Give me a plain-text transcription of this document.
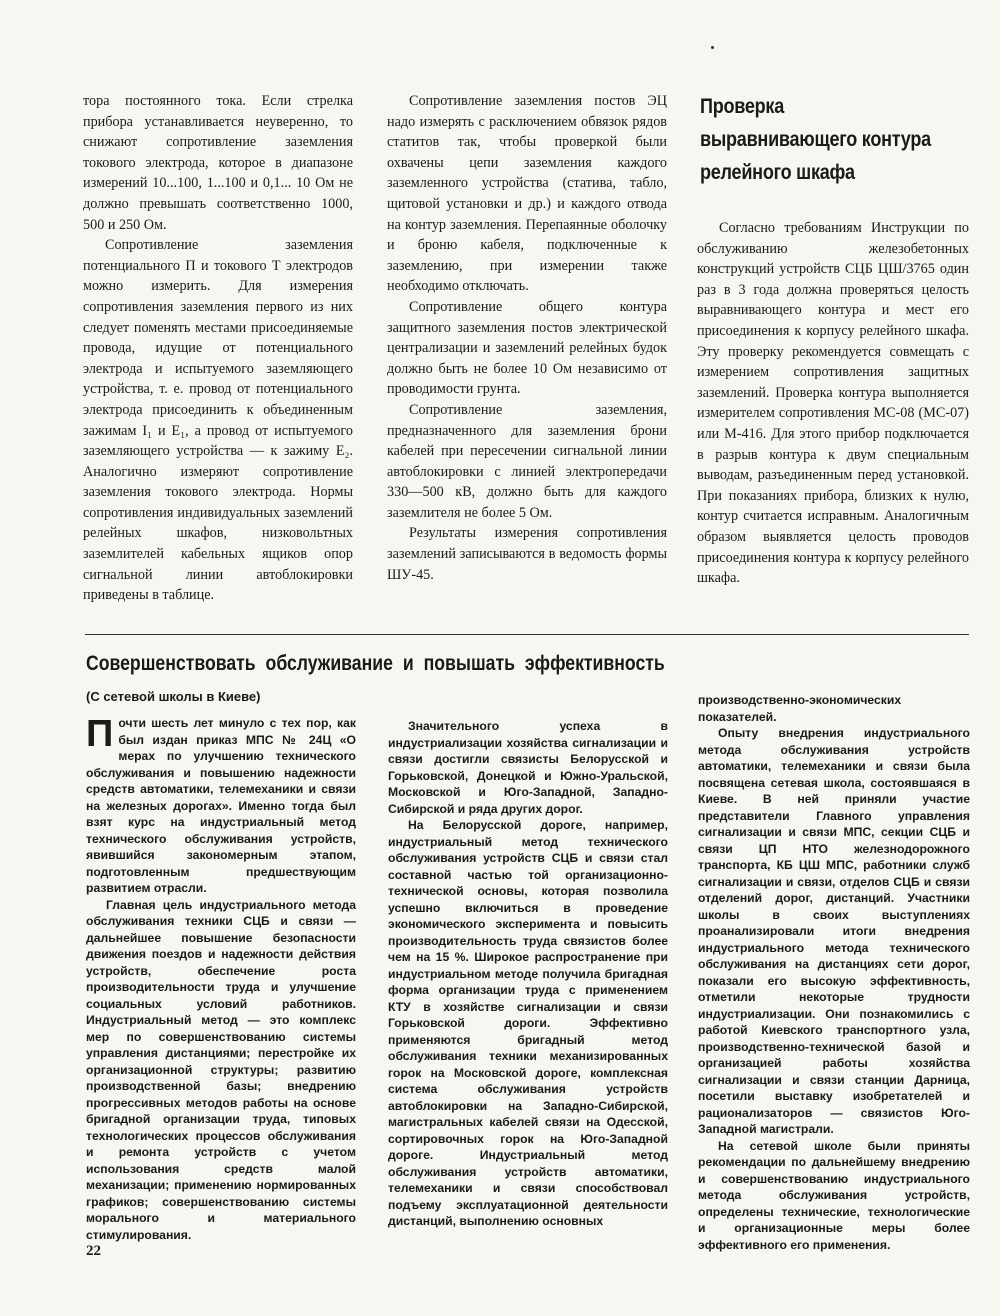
тора постоянного тока. Если стрелка прибора устанавливается неуверенно, то снижают сопротивление заземления токового электрода, которое в диапазоне измерений 10...100, 1...100 и 0,1... 10 Ом не должно превышать соответственно 1000, 500 и 250 Ом.

Сопротивление заземления потенциального П и токового Т электродов можно измерить. Для измерения сопротивления заземления первого из них следует поменять местами присоединяемые провода, идущие от потенциального электрода и испытуемого заземляющего устройства, т. е. провод от потенциального электрода присоединить к объединенным зажимам I₁ и E₁, а провод от испытуемого заземляющего устройства — к зажиму E₂. Аналогично измеряют сопротивление заземления токового электрода. Нормы сопротивления индивидуальных заземлений релейных шкафов, низковольтных заземлителей кабельных ящиков опор сигнальной линии автоблокировки приведены в таблице.

Сопротивление заземления постов ЭЦ надо измерять с расключением обвязок рядов статитов так, чтобы проверкой были охвачены цепи заземления каждого заземленного устройства (статива, табло, щитовой установки и др.) и каждого отвода на контур заземления. Перепаянные оболочку и броню кабеля, подключенные к заземлению, при измерении также необходимо отключать.

Сопротивление общего контура защитного заземления постов электрической централизации и заземлений релейных будок должно быть не более 10 Ом независимо от проводимости грунта.

Сопротивление заземления, предназначенного для заземления брони кабелей при пересечении сигнальной линии автоблокировки с линией электропередачи 330—500 кВ, должно быть для каждого заземлителя не более 5 Ом.

Результаты измерения сопротивления заземлений записываются в ведомость формы ШУ-45.

Проверка выравнивающего контура релейного шкафа

Согласно требованиям Инструкции по обслуживанию железобетонных конструкций устройств СЦБ ЦШ/3765 один раз в 3 года должна проверяться целость выравнивающего контура и мест его присоединения к корпусу релейного шкафа. Эту проверку рекомендуется совмещать с измерением сопротивления защитных заземлений. Проверка контура выполняется измерителем сопротивления МС-08 (МС-07) или М-416. Для этого прибор подключается в разрыв контура к двум специальным выводам, разъединенным перед установкой. При показаниях прибора, близких к нулю, контур считается исправным. Аналогичным образом выявляется целость проводов присоединения контура к корпусу релейного шкафа.

Совершенствовать обслуживание и повышать эффективность
(С сетевой школы в Киеве)

Почти шесть лет минуло с тех пор, как был издан приказ МПС № 24Ц «О мерах по улучшению технического обслуживания и повышению надежности средств автоматики, телемеханики и связи на железных дорогах». Именно тогда был взят курс на индустриальный метод технического обслуживания устройств, явившийся закономерным этапом, подготовленным предшествующим развитием отрасли.

Главная цель индустриального метода обслуживания техники СЦБ и связи — дальнейшее повышение безопасности движения поездов и надежности действия устройств, обеспечение роста производительности труда и улучшение социальных условий работников. Индустриальный метод — это комплекс мер по совершенствованию системы управления дистанциями; перестройке их организационной структуры; развитию производственной базы; внедрению прогрессивных методов работы на основе бригадной организации труда, типовых технологических процессов обслуживания и ремонта устройств с учетом использования средств малой механизации; применению нормированных графиков; совершенствованию системы морального и материального стимулирования.

Значительного успеха в индустриализации хозяйства сигнализации и связи достигли связисты Белорусской и Горьковской, Донецкой и Южно-Уральской, Московской и Юго-Западной, Западно-Сибирской и ряда других дорог.

На Белорусской дороге, например, индустриальный метод технического обслуживания устройств СЦБ и связи стал составной частью той организационно-технической основы, которая позволила успешно включиться в проведение экономического эксперимента и повысить производительность труда связистов более чем на 15 %. Широкое распространение при индустриальном методе получила бригадная форма организации труда с применением КТУ в хозяйстве сигнализации и связи Горьковской дороги. Эффективно применяются бригадный метод обслуживания техники механизированных горок на Московской дороге, комплексная система обслуживания устройств автоблокировки на Западно-Сибирской, магистральных кабелей связи на Одесской, сортировочных горок на Юго-Западной дороге. Индустриальный метод обслуживания устройств автоматики, телемеханики и связи способствовал подъему эксплуатационной деятельности дистанций, выполнению основных

производственно-экономических показателей.

Опыту внедрения индустриального метода обслуживания устройств автоматики, телемеханики и связи была посвящена сетевая школа, состоявшаяся в Киеве. В ней приняли участие представители Главного управления сигнализации и связи МПС, секции СЦБ и связи ЦП НТО железнодорожного транспорта, КБ ЦШ МПС, работники служб сигнализации и связи, отделов СЦБ и связи отделений дорог, дистанций. Участники школы в своих выступлениях проанализировали итоги внедрения индустриального метода технического обслуживания на дистанциях сети дорог, показали его высокую эффективность, отметили некоторые трудности индустриализации. Они познакомились с работой Киевского транспортного узла, производственно-технической базой и организацией работы хозяйства сигнализации и связи станции Дарница, посетили выставку изобретателей и рационализаторов — связистов Юго-Западной магистрали.

На сетевой школе были приняты рекомендации по дальнейшему внедрению и совершенствованию индустриального метода обслуживания устройств, определены технические, технологические и организационные меры более эффективного его применения.

22
